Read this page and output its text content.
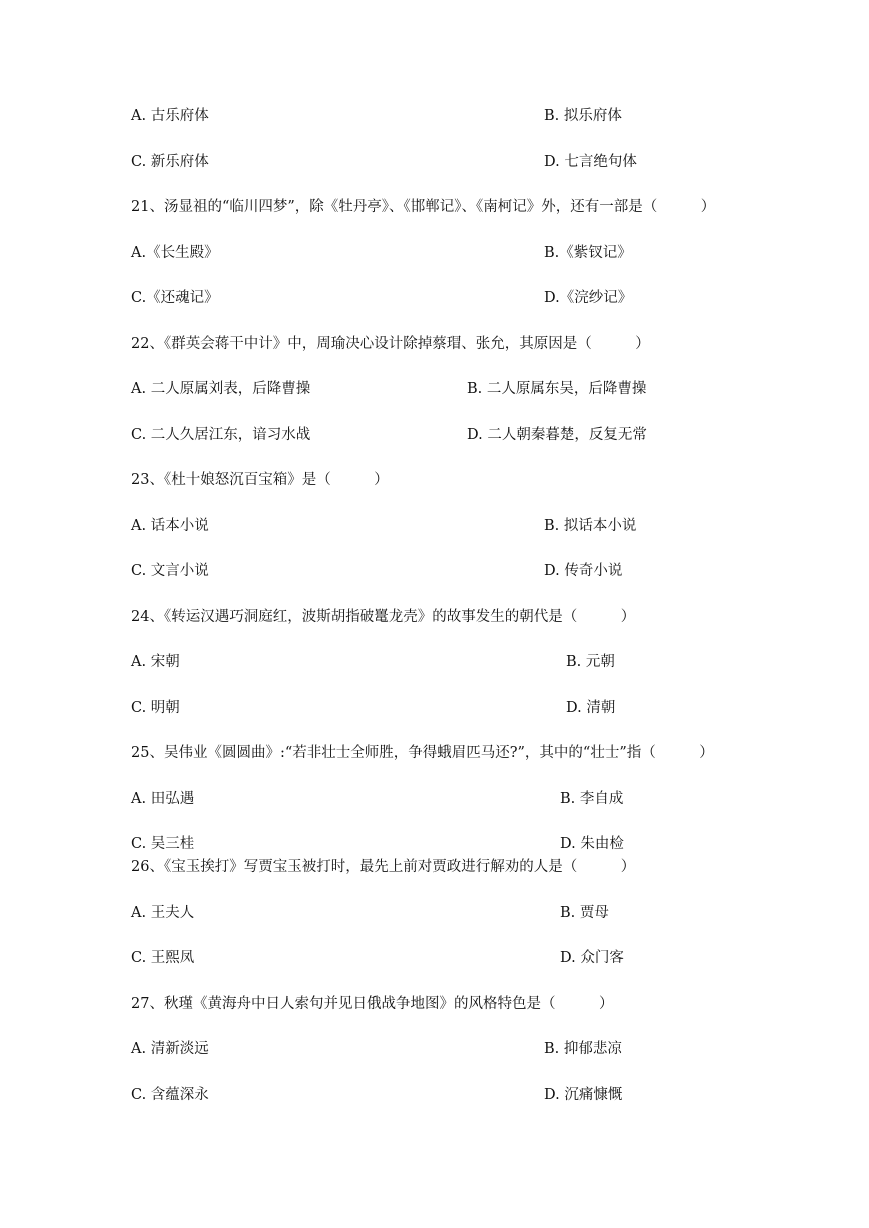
A. 古乐府体	B. 拟乐府体
C. 新乐府体	D. 七言绝句体
21、汤显祖的“临川四梦”，除《牡丹亭》、《邯郸记》、《南柯记》外，还有一部是（　　　）
A.《长生殿》	B.《紫钗记》
C.《还魂记》	D.《浣纱记》
22、《群英会蒋干中计》中，周瑜决心设计除掉蔡瑁、张允，其原因是（　　　）
A. 二人原属刘表，后降曹操	B. 二人原属东吴，后降曹操
C. 二人久居江东，谙习水战	D. 二人朝秦暮楚，反复无常
23、《杜十娘怒沉百宝箱》是（　　　）
A. 话本小说	B. 拟话本小说
C. 文言小说	D. 传奇小说
24、《转运汉遇巧洞庭红，波斯胡指破鼍龙壳》的故事发生的朝代是（　　　）
A. 宋朝	B. 元朝
C. 明朝	D. 清朝
25、吴伟业《圆圆曲》:“若非壮士全师胜，争得蛾眉匹马还?”，其中的“壮士”指（　　　）
A. 田弘遇	B. 李自成
C. 吴三桂	D. 朱由检
26、《宝玉挨打》写贾宝玉被打时，最先上前对贾政进行解劝的人是（　　　）
A. 王夫人	B. 贾母
C. 王熙凤	D. 众门客
27、秋瑾《黄海舟中日人索句并见日俄战争地图》的风格特色是（　　　）
A. 清新淡远	B. 抑郁悲凉
C. 含蕴深永	D. 沉痛慷慨
